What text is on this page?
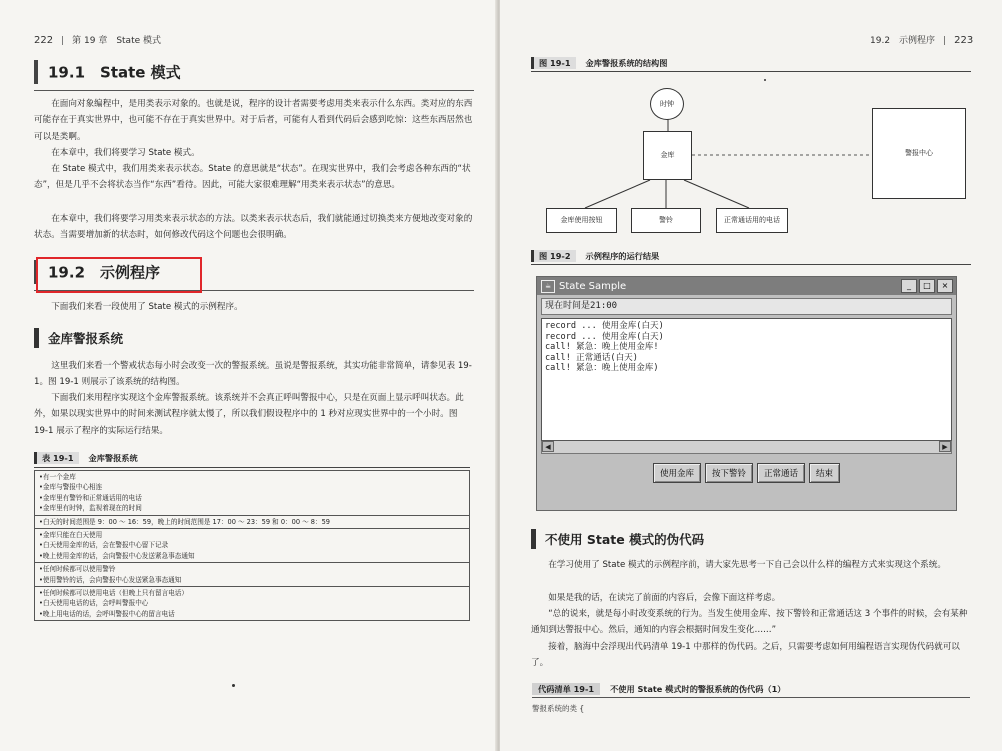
222 | 第 19 章　State 模式
19.1　State 模式
在面向对象编程中，是用类表示对象的。也就是说，程序的设计者需要考虑用类来表示什么东西。类对应的东西可能存在于真实世界中，也可能不存在于真实世界中。对于后者，可能有人看到代码后会感到吃惊：这些东西居然也可以是类啊。
在本章中，我们将要学习 State 模式。
在 State 模式中，我们用类来表示状态。State 的意思就是“状态”。在现实世界中，我们会考虑各种东西的“状态”，但是几乎不会将状态当作“东西”看待。因此，可能大家很难理解“用类来表示状态”的意思。
在本章中，我们将要学习用类来表示状态的方法。以类来表示状态后，我们就能通过切换类来方便地改变对象的状态。当需要增加新的状态时，如何修改代码这个问题也会很明确。
19.2　示例程序
下面我们来看一段使用了 State 模式的示例程序。
金库警报系统
这里我们来看一个警戒状态每小时会改变一次的警报系统。虽说是警报系统，其实功能非常简单，请参见表 19-1。图 19-1 则展示了该系统的结构图。
下面我们来用程序实现这个金库警报系统。该系统并不会真正呼叫警报中心，只是在页面上显示呼叫状态。此外，如果以现实世界中的时间来测试程序就太慢了，所以我们假设程序中的 1 秒对应现实世界中的一个小时。图 19-1 展示了程序的实际运行结果。
表 19-1 金库警报系统
•有一个金库
•金库与警报中心相连
•金库里有警铃和正常通话用的电话
•金库里有时钟，监视着现在的时间

•白天的时间范围是 9：00 ～ 16：59，晚上的时间范围是 17：00 ～ 23：59 和 0：00 ～ 8：59

•金库只能在白天使用
•白天使用金库的话，会在警报中心留下记录
•晚上使用金库的话，会向警报中心发送紧急事态通知

•任何时候都可以使用警铃
•使用警铃的话，会向警报中心发送紧急事态通知

•任何时候都可以使用电话（但晚上只有留言电话）
•白天使用电话的话，会呼叫警报中心
•晚上用电话的话，会呼叫警报中心的留言电话
19.2　示例程序 | 223
图 19-1 金库警报系统的结构图
时钟
金库	警报中心
金库使用按钮	警铃	正常通话用的电话
图 19-2 示例程序的运行结果
☕ State Sample	_	□	×
现在时间是21:00
record ... 使用金库(白天)
record ... 使用金库(白天)
call! 紧急：晚上使用金库!
call! 正常通话(白天)
call! 紧急：晚上使用金库)
◀	▶
使用金库	按下警铃	正常通话	结束
不使用 State 模式的伪代码
在学习使用了 State 模式的示例程序前，请大家先思考一下自己会以什么样的编程方式来实现这个系统。
如果是我的话，在读完了前面的内容后，会像下面这样考虑。
“总的说来，就是每小时改变系统的行为。当发生使用金库、按下警铃和正常通话这 3 个事件的时候，会有某种通知到达警报中心。然后，通知的内容会根据时间发生变化……”
接着，脑海中会浮现出代码清单 19-1 中那样的伪代码。之后，只需要考虑如何用编程语言实现伪代码就可以了。
代码清单 19-1 不使用 State 模式时的警报系统的伪代码（1）
警报系统的类 {
